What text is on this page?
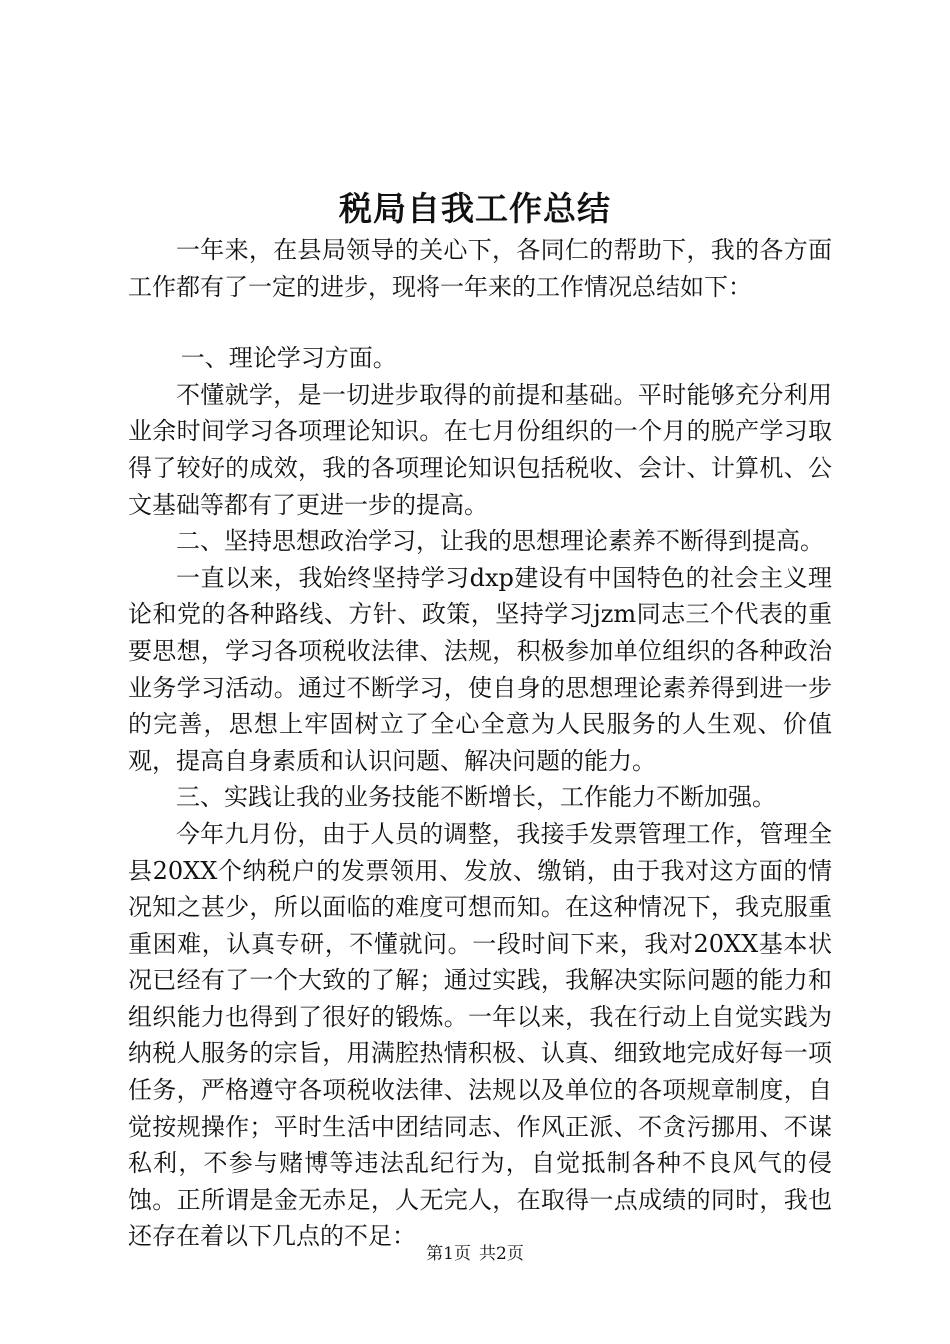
税局自我工作总结

一年来，在县局领导的关心下，各同仁的帮助下，我的各方面工作都有了一定的进步，现将一年来的工作情况总结如下：

一、理论学习方面。

不懂就学，是一切进步取得的前提和基础。平时能够充分利用业余时间学习各项理论知识。在七月份组织的一个月的脱产学习取得了较好的成效，我的各项理论知识包括税收、会计、计算机、公文基础等都有了更进一步的提高。

二、坚持思想政治学习，让我的思想理论素养不断得到提高。

一直以来，我始终坚持学习dxp建设有中国特色的社会主义理论和党的各种路线、方针、政策，坚持学习jzm同志三个代表的重要思想，学习各项税收法律、法规，积极参加单位组织的各种政治业务学习活动。通过不断学习，使自身的思想理论素养得到进一步的完善，思想上牢固树立了全心全意为人民服务的人生观、价值观，提高自身素质和认识问题、解决问题的能力。

三、实践让我的业务技能不断增长，工作能力不断加强。

今年九月份，由于人员的调整，我接手发票管理工作，管理全县20XX个纳税户的发票领用、发放、缴销，由于我对这方面的情况知之甚少，所以面临的难度可想而知。在这种情况下，我克服重重困难，认真专研，不懂就问。一段时间下来，我对20XX基本状况已经有了一个大致的了解；通过实践，我解决实际问题的能力和组织能力也得到了很好的锻炼。一年以来，我在行动上自觉实践为纳税人服务的宗旨，用满腔热情积极、认真、细致地完成好每一项任务，严格遵守各项税收法律、法规以及单位的各项规章制度，自觉按规操作；平时生活中团结同志、作风正派、不贪污挪用、不谋私利，不参与赌博等违法乱纪行为，自觉抵制各种不良风气的侵蚀。正所谓是金无赤足，人无完人，在取得一点成绩的同时，我也还存在着以下几点的不足：

第1页 共2页
